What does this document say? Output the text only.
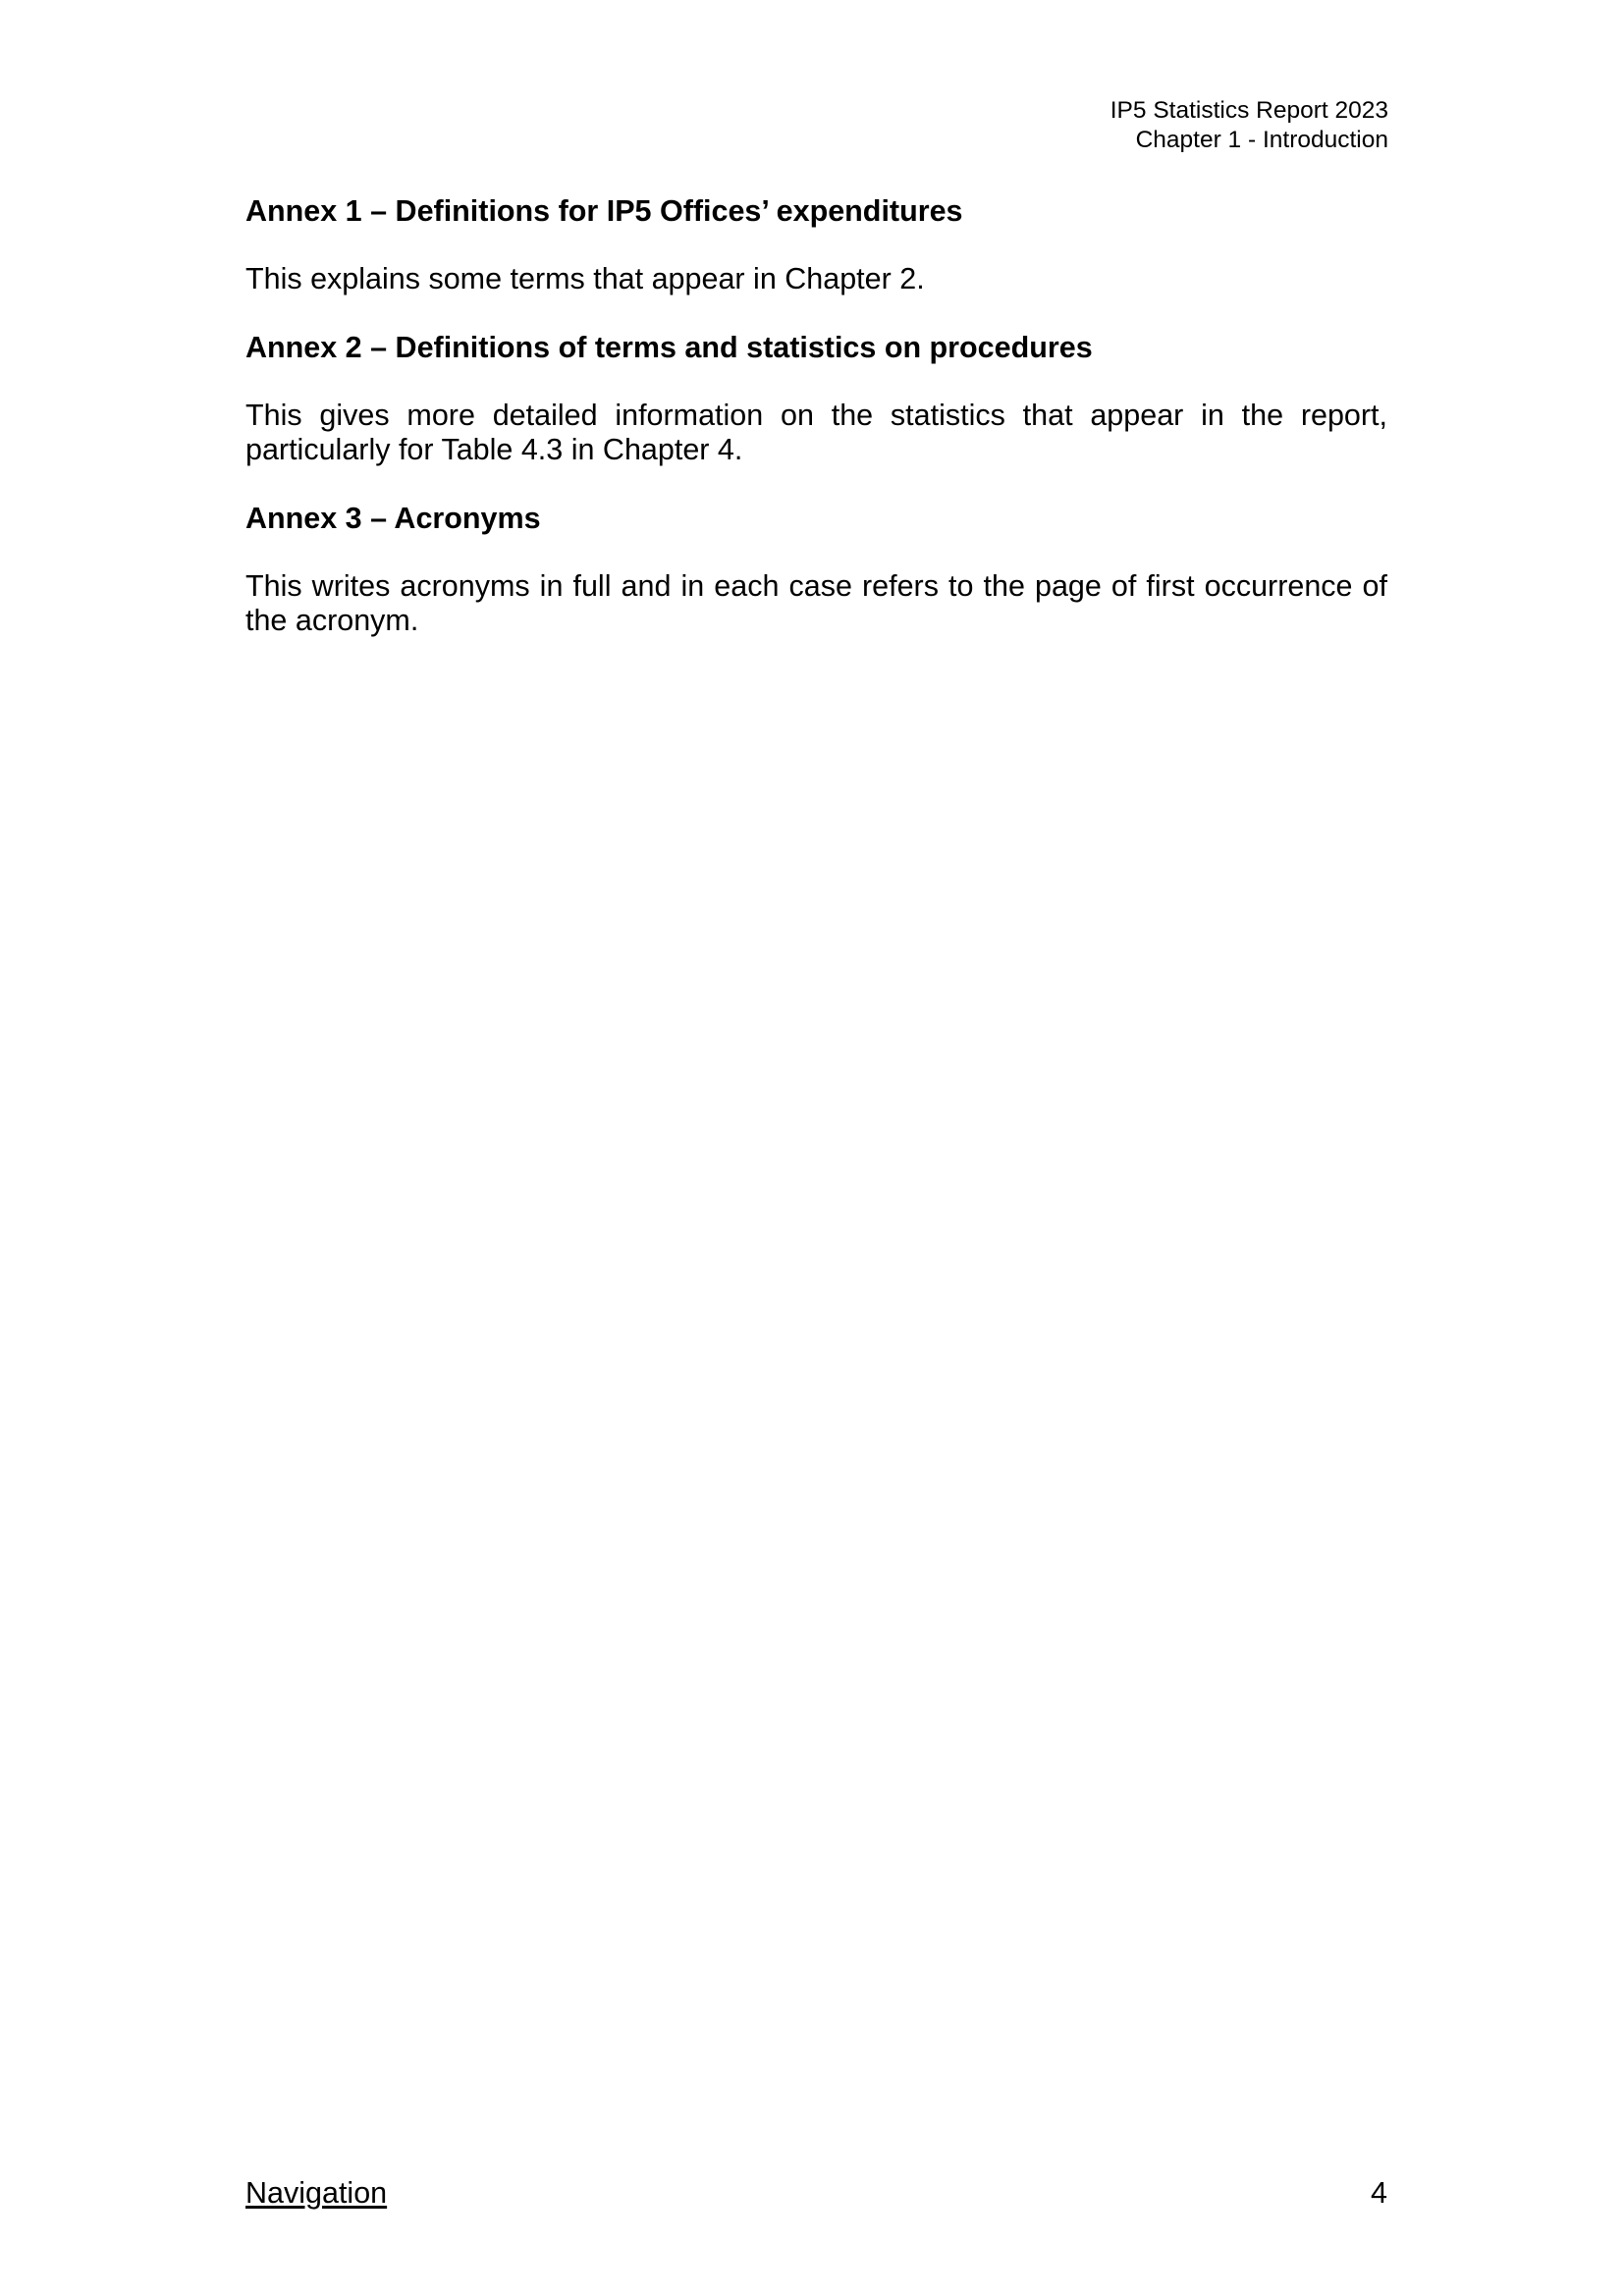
IP5 Statistics Report 2023
Chapter 1 - Introduction
Annex 1 – Definitions for IP5 Offices’ expenditures

This explains some terms that appear in Chapter 2.

Annex 2 – Definitions of terms and statistics on procedures

This gives more detailed information on the statistics that appear in the report, particularly for Table 4.3 in Chapter 4.

Annex 3 – Acronyms

This writes acronyms in full and in each case refers to the page of first occurrence of the acronym.

Navigation	4
